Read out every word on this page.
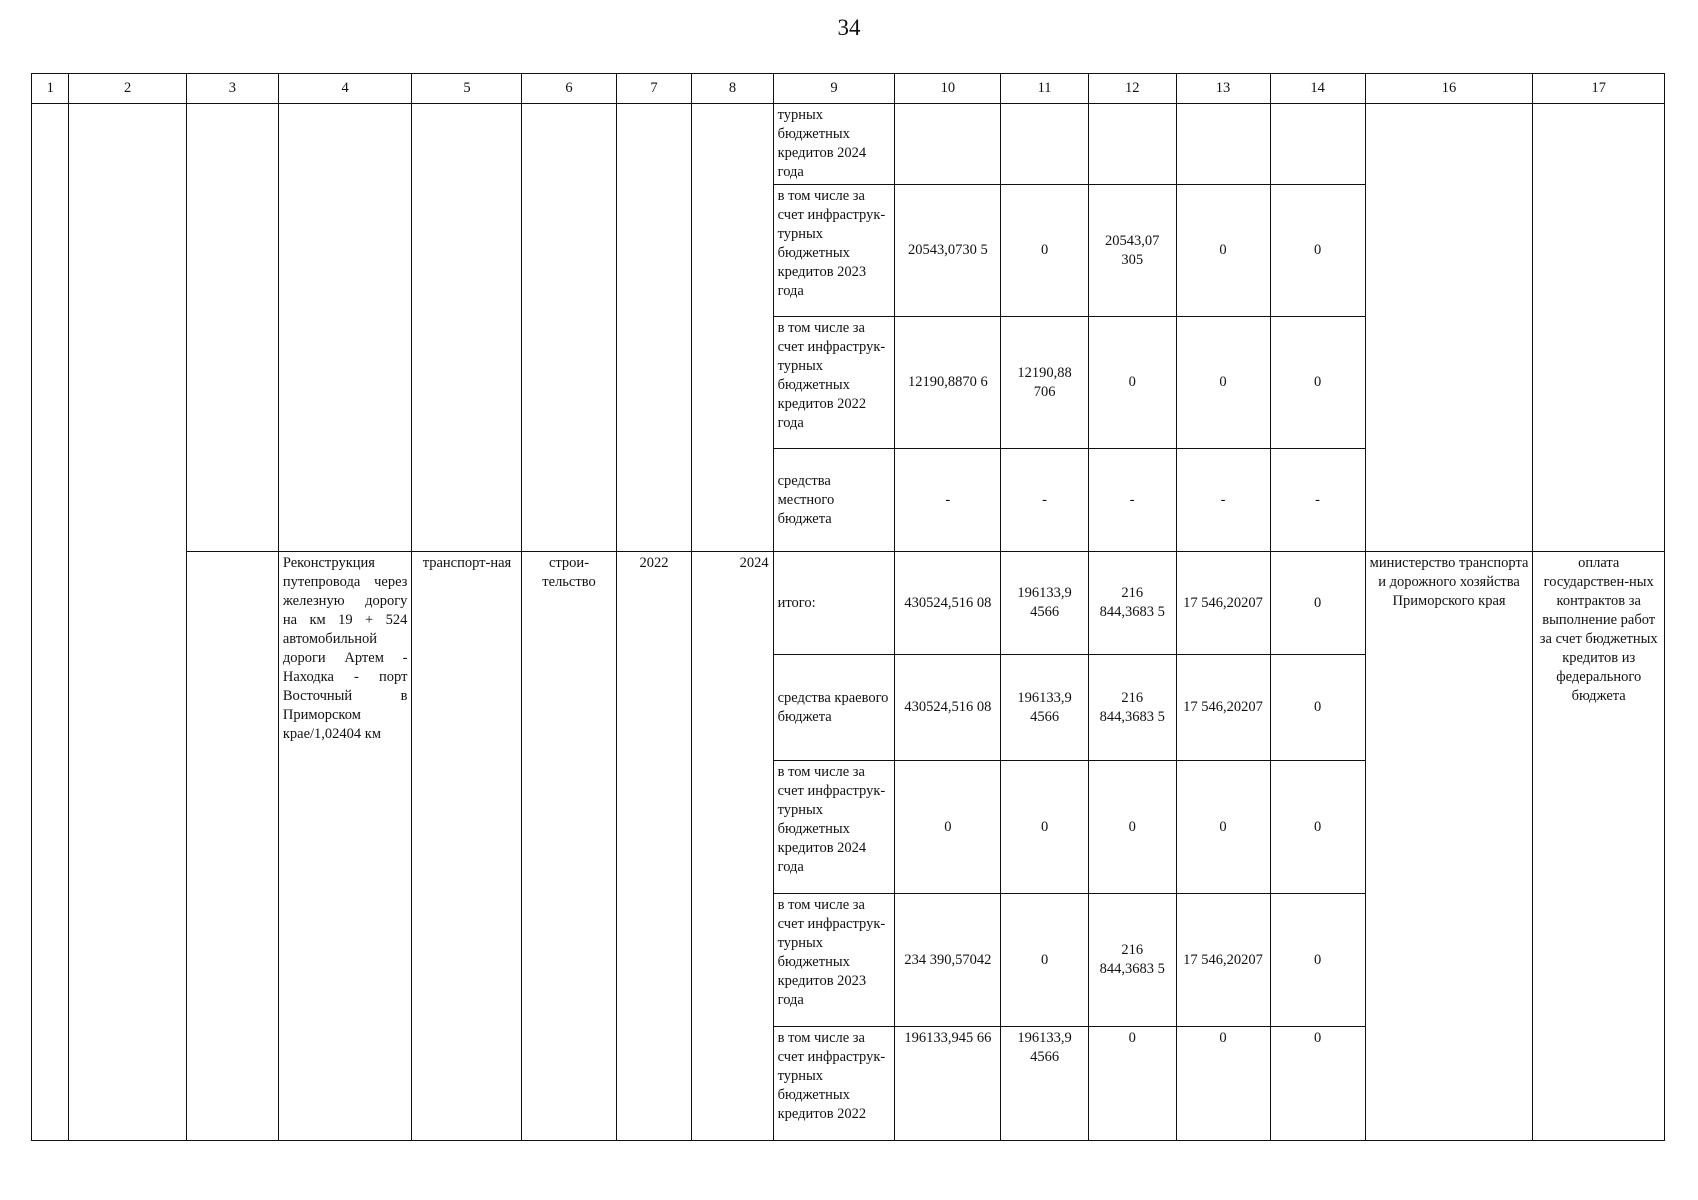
34
1	2	3	4	5	6	7	8	9	10	11	12	13	14	16	17
								турных бюджетных кредитов 2024 года							
								в том числе за счет инфраструк-турных бюджетных кредитов 2023 года	20543,0730 5	0	20543,07 305	0	0		
								в том числе за счет инфраструк-турных бюджетных кредитов 2022 года	12190,8870 6	12190,88 706	0	0	0		
								средства местного бюджета	-	-	-	-	-		
			Реконструкция путепровода через железную дорогу на км 19 + 524 автомобильной дороги Артем - Находка - порт Восточный в Приморском крае/1,02404 км	транспорт-ная	строи-тельство	2022	2024	итого:	430524,516 08	196133,9 4566	216 844,3683 5	17 546,20207	0	министерство транспорта и дорожного хозяйства Приморского края	оплата государствен-ных контрактов за выполнение работ за счет бюджетных кредитов из федерального бюджета
								средства краевого бюджета	430524,516 08	196133,9 4566	216 844,3683 5	17 546,20207	0		
								в том числе за счет инфраструк-турных бюджетных кредитов 2024 года	0	0	0	0	0		
								в том числе за счет инфраструк-турных бюджетных кредитов 2023 года	234 390,57042	0	216 844,3683 5	17 546,20207	0		
								в том числе за счет инфраструк-турных бюджетных кредитов 2022	196133,945 66	196133,9 4566	0	0	0		
